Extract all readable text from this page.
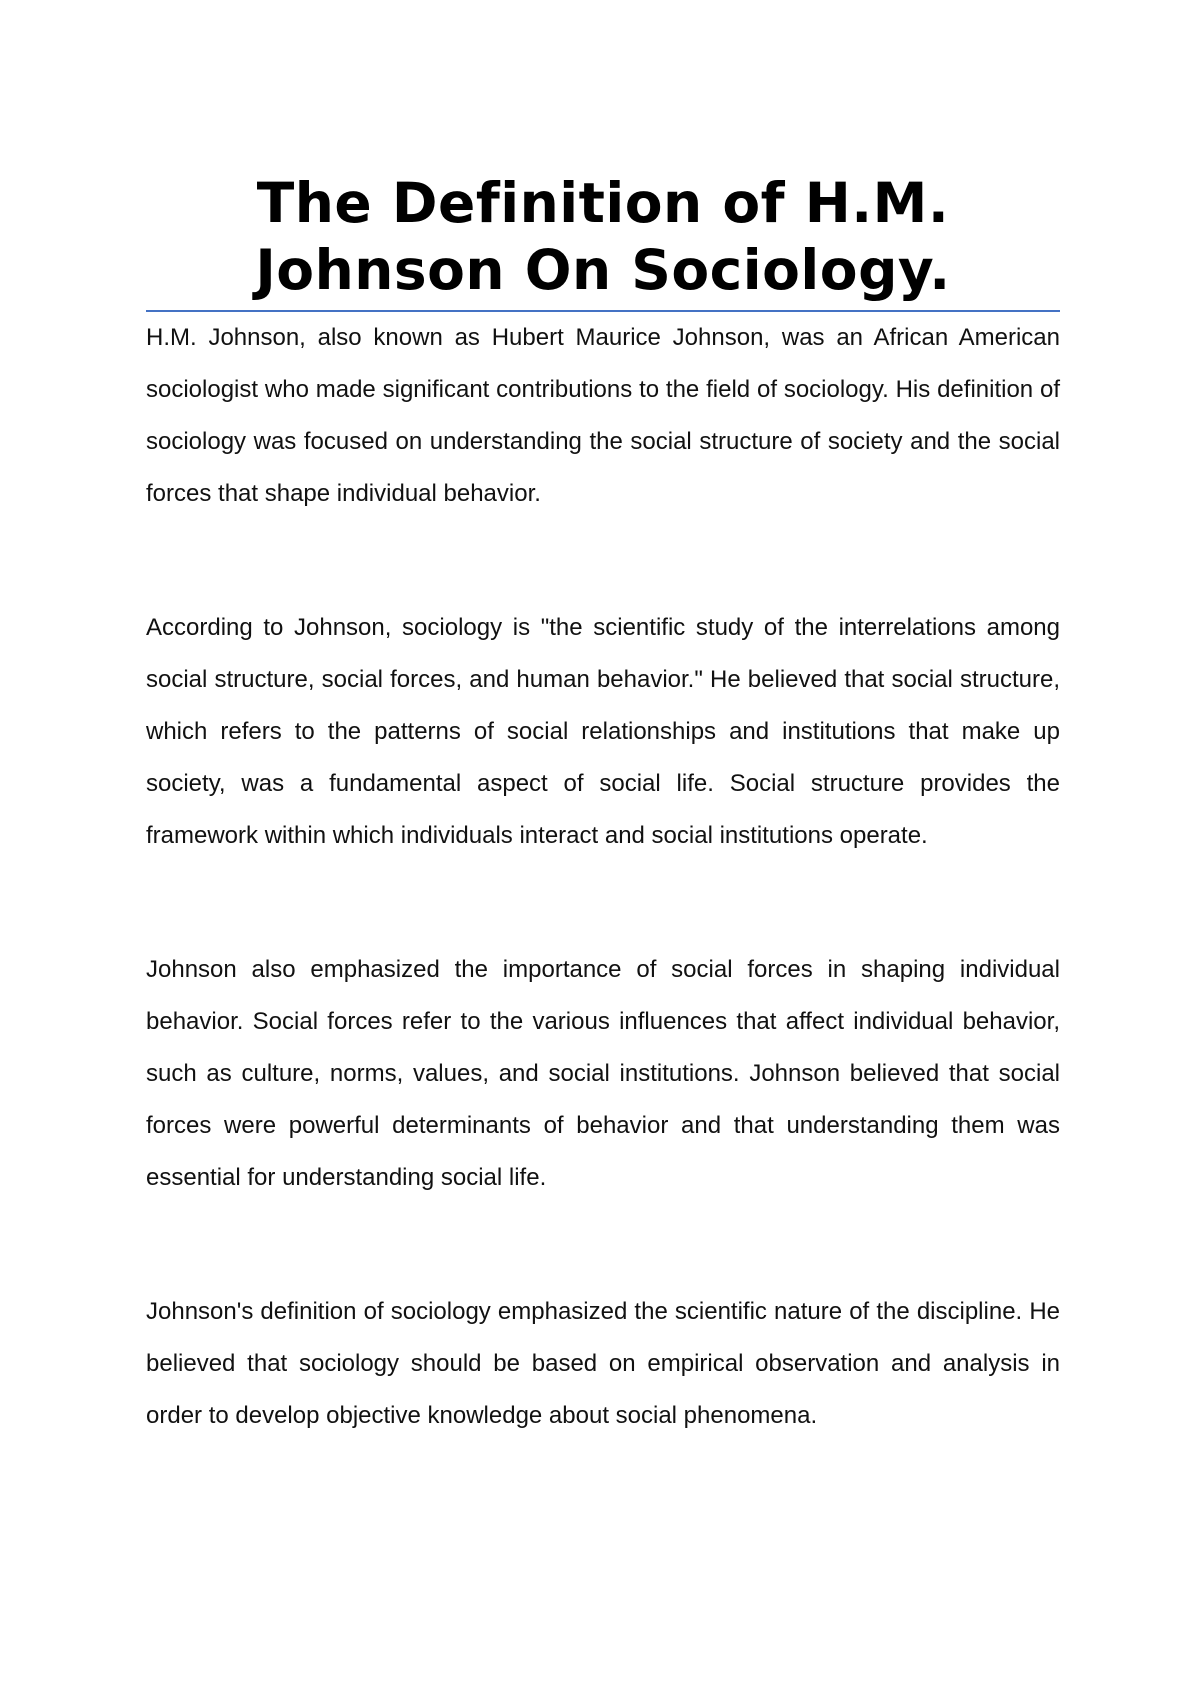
The Definition of H.M. Johnson On Sociology.

H.M. Johnson, also known as Hubert Maurice Johnson, was an African American sociologist who made significant contributions to the field of sociology. His definition of sociology was focused on understanding the social structure of society and the social forces that shape individual behavior.

According to Johnson, sociology is "the scientific study of the interrelations among social structure, social forces, and human behavior." He believed that social structure, which refers to the patterns of social relationships and institutions that make up society, was a fundamental aspect of social life. Social structure provides the framework within which individuals interact and social institutions operate.

Johnson also emphasized the importance of social forces in shaping individual behavior. Social forces refer to the various influences that affect individual behavior, such as culture, norms, values, and social institutions. Johnson believed that social forces were powerful determinants of behavior and that understanding them was essential for understanding social life.

Johnson's definition of sociology emphasized the scientific nature of the discipline. He believed that sociology should be based on empirical observation and analysis in order to develop objective knowledge about social phenomena.
